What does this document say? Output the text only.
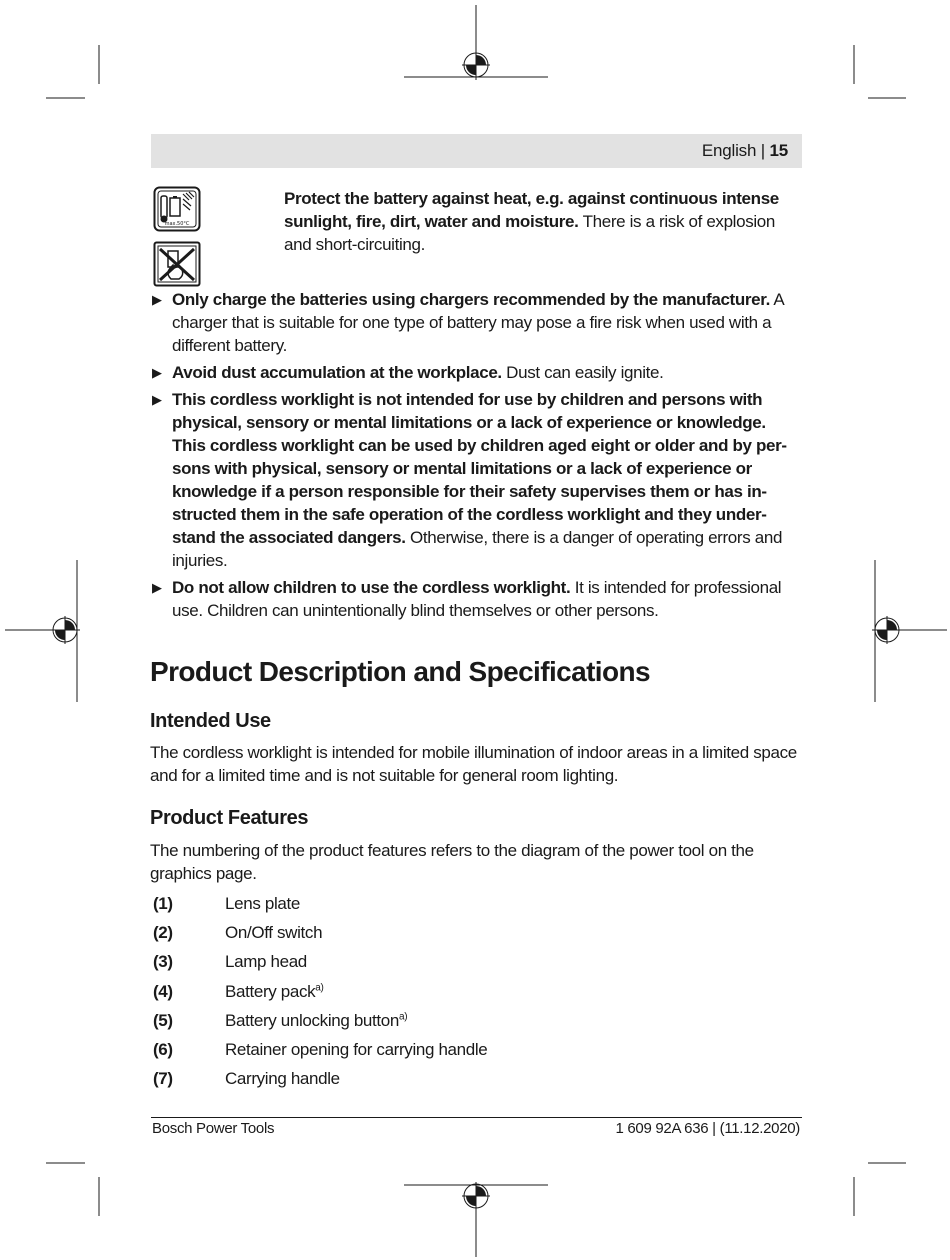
English | 15
max.50°C

Protect the battery against heat, e.g. against continuous intense sunlight, fire, dirt, water and moisture. There is a risk of explosion and short-circuiting.

▶ Only charge the batteries using chargers recommended by the manufacturer. A charger that is suitable for one type of battery may pose a fire risk when used with a different battery.
▶ Avoid dust accumulation at the workplace. Dust can easily ignite.
▶ This cordless worklight is not intended for use by children and persons with physical, sensory or mental limitations or a lack of experience or knowledge. This cordless worklight can be used by children aged eight or older and by persons with physical, sensory or mental limitations or a lack of experience or knowledge if a person responsible for their safety supervises them or has instructed them in the safe operation of the cordless worklight and they understand the associated dangers. Otherwise, there is a danger of operating errors and injuries.
▶ Do not allow children to use the cordless worklight. It is intended for professional use. Children can unintentionally blind themselves or other persons.
Product Description and Specifications
Intended Use

The cordless worklight is intended for mobile illumination of indoor areas in a limited space and for a limited time and is not suitable for general room lighting.

Product Features

The numbering of the product features refers to the diagram of the power tool on the graphics page.

(1)	Lens plate
(2)	On/Off switch
(3)	Lamp head
(4)	Battery pack$^{a)}$
(5)	Battery unlocking button$^{a)}$
(6)	Retainer opening for carrying handle
(7)	Carrying handle
Bosch Power Tools	1 609 92A 636 | (11.12.2020)
